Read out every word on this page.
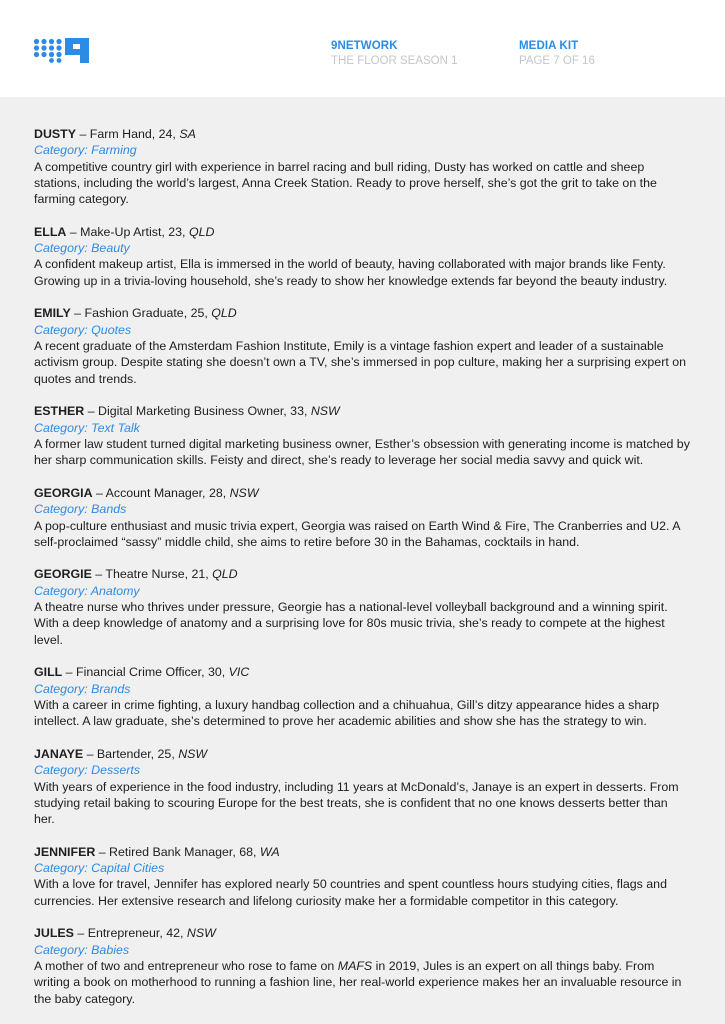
9NETWORK
THE FLOOR SEASON 1
MEDIA KIT
PAGE 7 OF 16
DUSTY – Farm Hand, 24, SA
Category: Farming

A competitive country girl with experience in barrel racing and bull riding, Dusty has worked on cattle and sheep stations, including the world’s largest, Anna Creek Station. Ready to prove herself, she’s got the grit to take on the farming category.

ELLA – Make-Up Artist, 23, QLD
Category: Beauty

A confident makeup artist, Ella is immersed in the world of beauty, having collaborated with major brands like Fenty. Growing up in a trivia-loving household, she’s ready to show her knowledge extends far beyond the beauty industry.

EMILY – Fashion Graduate, 25, QLD
Category: Quotes

A recent graduate of the Amsterdam Fashion Institute, Emily is a vintage fashion expert and leader of a sustainable activism group. Despite stating she doesn’t own a TV, she’s immersed in pop culture, making her a surprising expert on quotes and trends.

ESTHER – Digital Marketing Business Owner, 33, NSW
Category: Text Talk

A former law student turned digital marketing business owner, Esther’s obsession with generating income is matched by her sharp communication skills. Feisty and direct, she’s ready to leverage her social media savvy and quick wit.

GEORGIA – Account Manager, 28, NSW
Category: Bands

A pop-culture enthusiast and music trivia expert, Georgia was raised on Earth Wind & Fire, The Cranberries and U2. A self-proclaimed “sassy” middle child, she aims to retire before 30 in the Bahamas, cocktails in hand.

GEORGIE – Theatre Nurse, 21, QLD
Category: Anatomy

A theatre nurse who thrives under pressure, Georgie has a national-level volleyball background and a winning spirit. With a deep knowledge of anatomy and a surprising love for 80s music trivia, she’s ready to compete at the highest level.

GILL – Financial Crime Officer, 30, VIC
Category: Brands

With a career in crime fighting, a luxury handbag collection and a chihuahua, Gill’s ditzy appearance hides a sharp intellect. A law graduate, she’s determined to prove her academic abilities and show she has the strategy to win.

JANAYE – Bartender, 25, NSW
Category: Desserts

With years of experience in the food industry, including 11 years at McDonald’s, Janaye is an expert in desserts. From studying retail baking to scouring Europe for the best treats, she is confident that no one knows desserts better than her.

JENNIFER – Retired Bank Manager, 68, WA
Category: Capital Cities

With a love for travel, Jennifer has explored nearly 50 countries and spent countless hours studying cities, flags and currencies. Her extensive research and lifelong curiosity make her a formidable competitor in this category.

JULES – Entrepreneur, 42, NSW
Category: Babies

A mother of two and entrepreneur who rose to fame on MAFS in 2019, Jules is an expert on all things baby. From writing a book on motherhood to running a fashion line, her real-world experience makes her an invaluable resource in the baby category.
